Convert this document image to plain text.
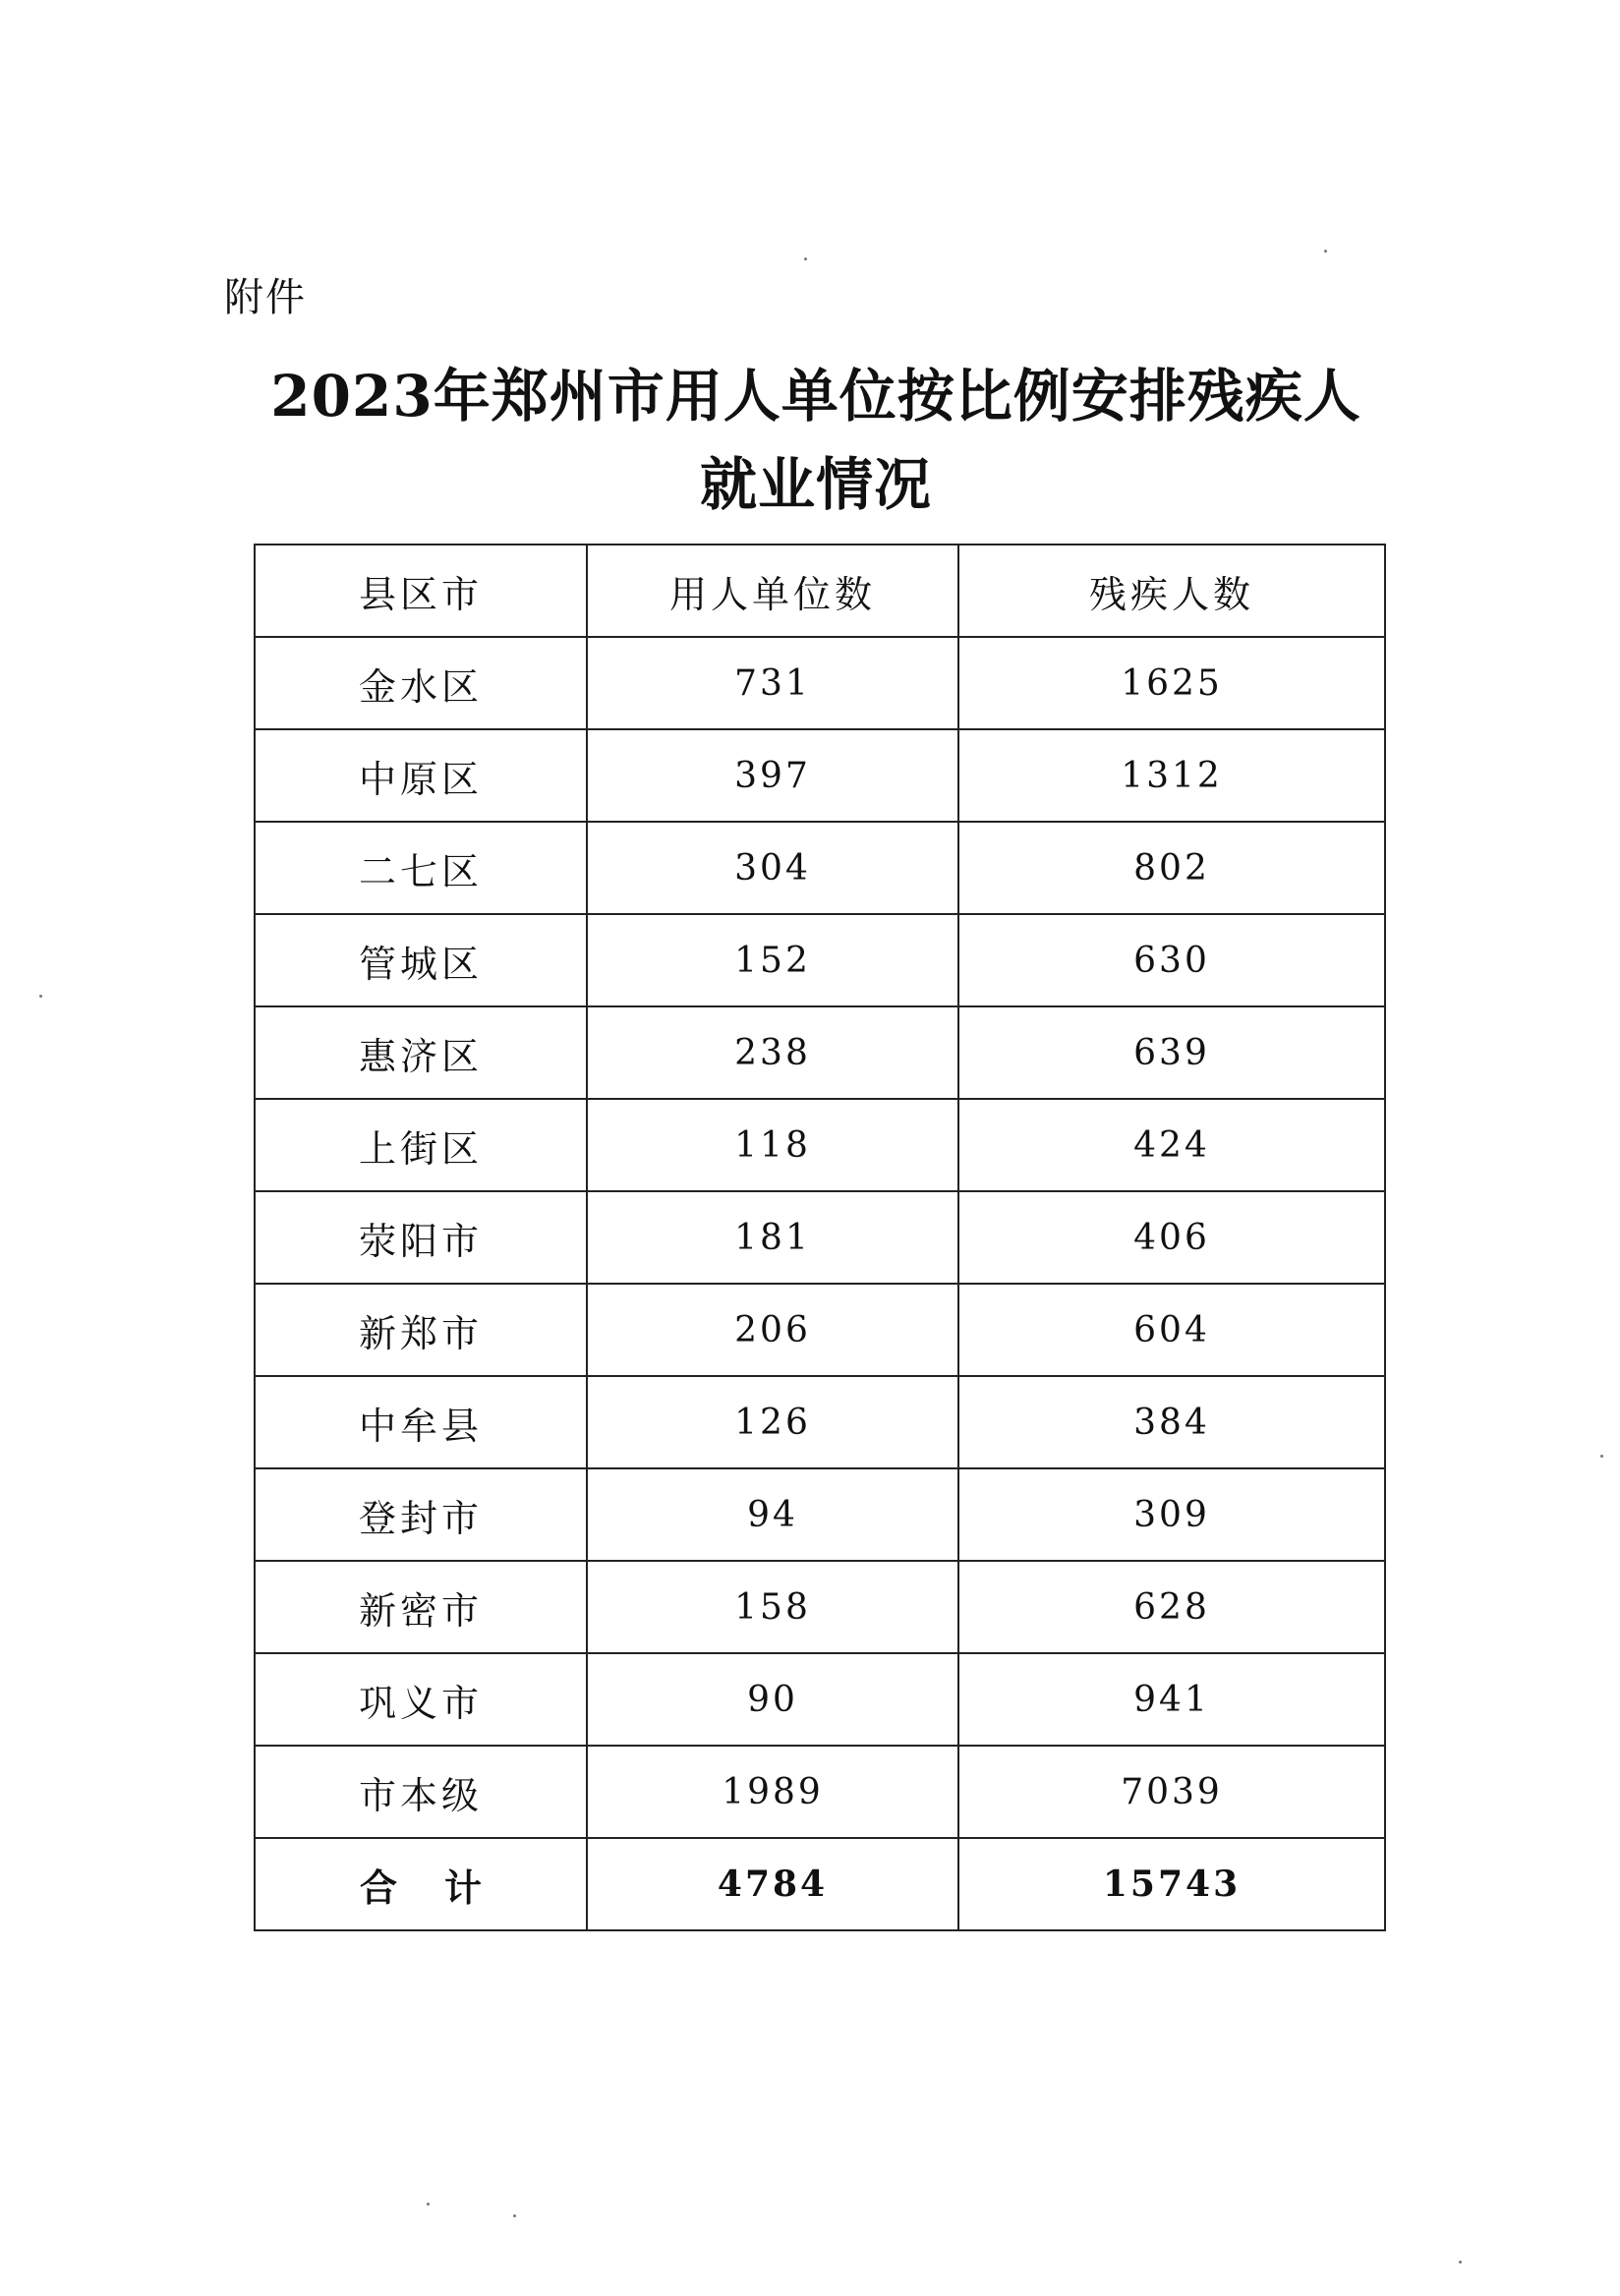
附件
2023年郑州市用人单位按比例安排残疾人
就业情况
县区市	用人单位数	残疾人数
金水区	731	1625
中原区	397	1312
二七区	304	802
管城区	152	630
惠济区	238	639
上街区	118	424
荥阳市	181	406
新郑市	206	604
中牟县	126	384
登封市	94	309
新密市	158	628
巩义市	90	941
市本级	1989	7039
合计	4784	15743
